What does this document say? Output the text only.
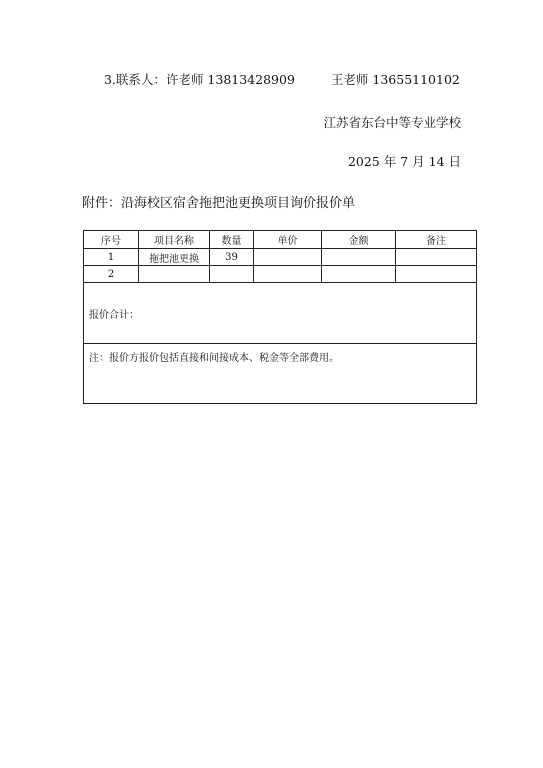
3.联系人：许老师 13813428909	王老师 13655110102
江苏省东台中等专业学校
2025 年 7 月 14 日
附件：沿海校区宿舍拖把池更换项目询价报价单
序号	项目名称	数量	单价	金额	备注
1	拖把池更换	39			
2					
报价合计：					
注：报价方报价包括直接和间接成本、税金等全部费用。					
